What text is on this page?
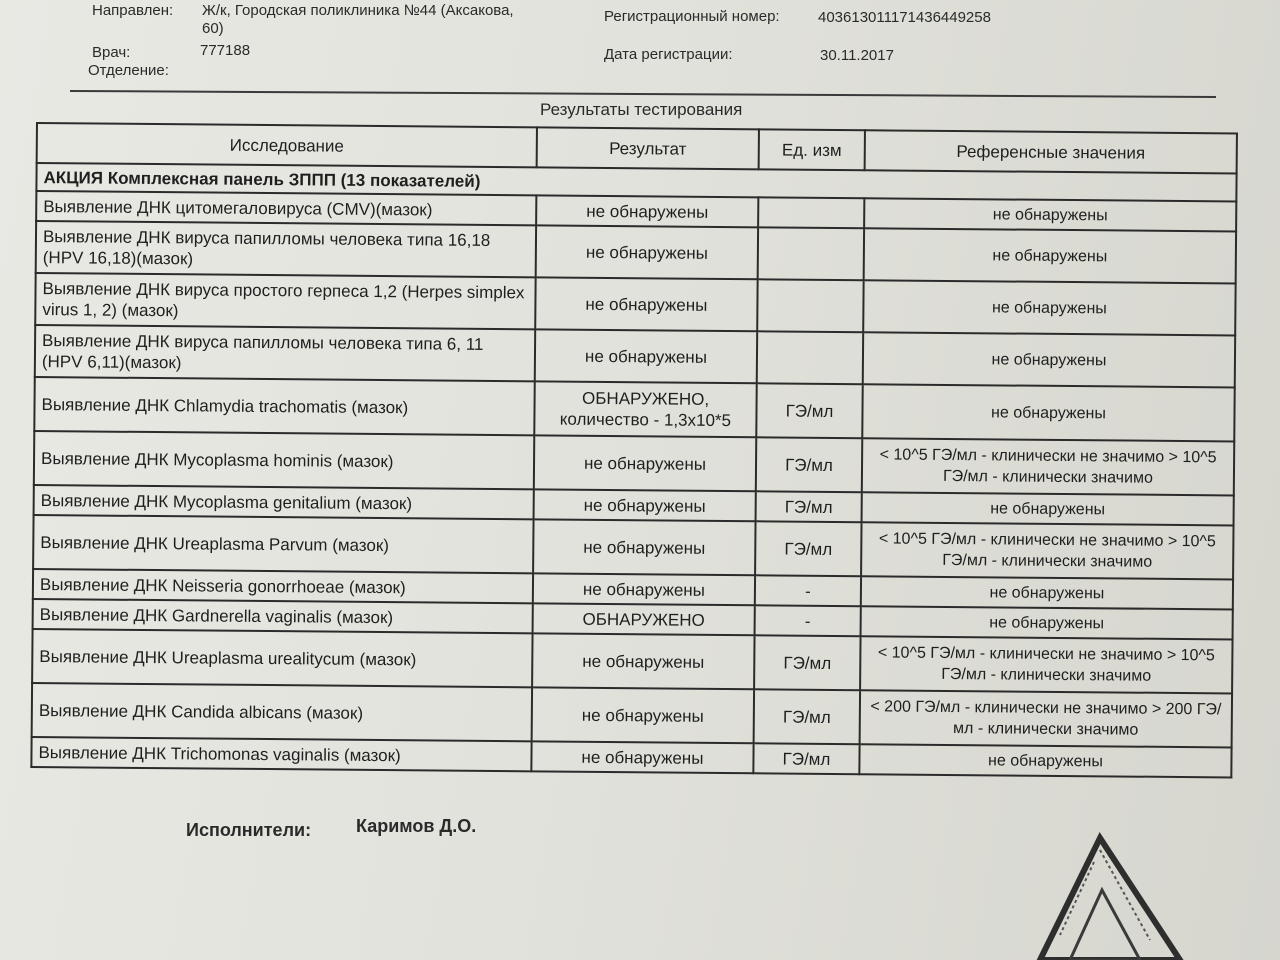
Направлен: Ж/к, Городская поликлиника №44 (Аксакова,
60)
Врач:	777188
Отделение:
Регистрационный номер:	40361301117143644925​8
Дата регистрации:	30.11.2017
Результаты тестирования
Исследование	Результат	Ед. изм	Референсные значения
АКЦИЯ Комплексная панель ЗППП (13 показателей)			
Выявление ДНК цитомегаловируса (CMV)(мазок)	не обнаружены		не обнаружены
Выявление ДНК вируса папилломы человека типа 16,18 (HPV 16,18)(мазок)	не обнаружены		не обнаружены
Выявление ДНК вируса простого герпеса 1,2 (Herpes simplex virus 1, 2) (мазок)	не обнаружены		не обнаружены
Выявление ДНК вируса папилломы человека типа 6, 11 (HPV 6,11)(мазок)	не обнаружены		не обнаружены
Выявление ДНК Chlamydia trachomatis (мазок)	ОБНАРУЖЕНО, количество - 1,3x10*5	ГЭ/мл	не обнаружены
Выявление ДНК Mycoplasma hominis (мазок)	не обнаружены	ГЭ/мл	< 10^5 ГЭ/мл - клинически не значимо > 10^5 ГЭ/мл - клинически значимо
Выявление ДНК Mycoplasma genitalium (мазок)	не обнаружены	ГЭ/мл	не обнаружены
Выявление ДНК Ureaplasma Parvum (мазок)	не обнаружены	ГЭ/мл	< 10^5 ГЭ/мл - клинически не значимо > 10^5 ГЭ/мл - клинически значимо
Выявление ДНК Neisseria gonorrhoeae (мазок)	не обнаружены	-	не обнаружены
Выявление ДНК Gardnerella vaginalis (мазок)	ОБНАРУЖЕНО	-	не обнаружены
Выявление ДНК Ureaplasma urealitycum (мазок)	не обнаружены	ГЭ/мл	< 10^5 ГЭ/мл - клинически не значимо > 10^5 ГЭ/мл - клинически значимо
Выявление ДНК Candida albicans (мазок)	не обнаружены	ГЭ/мл	< 200 ГЭ/мл - клинически не значимо > 200 ГЭ/мл - клинически значимо
Выявление ДНК Trichomonas vaginalis (мазок)	не обнаружены	ГЭ/мл	не обнаружены
Исполнители: Каримов Д.О.
